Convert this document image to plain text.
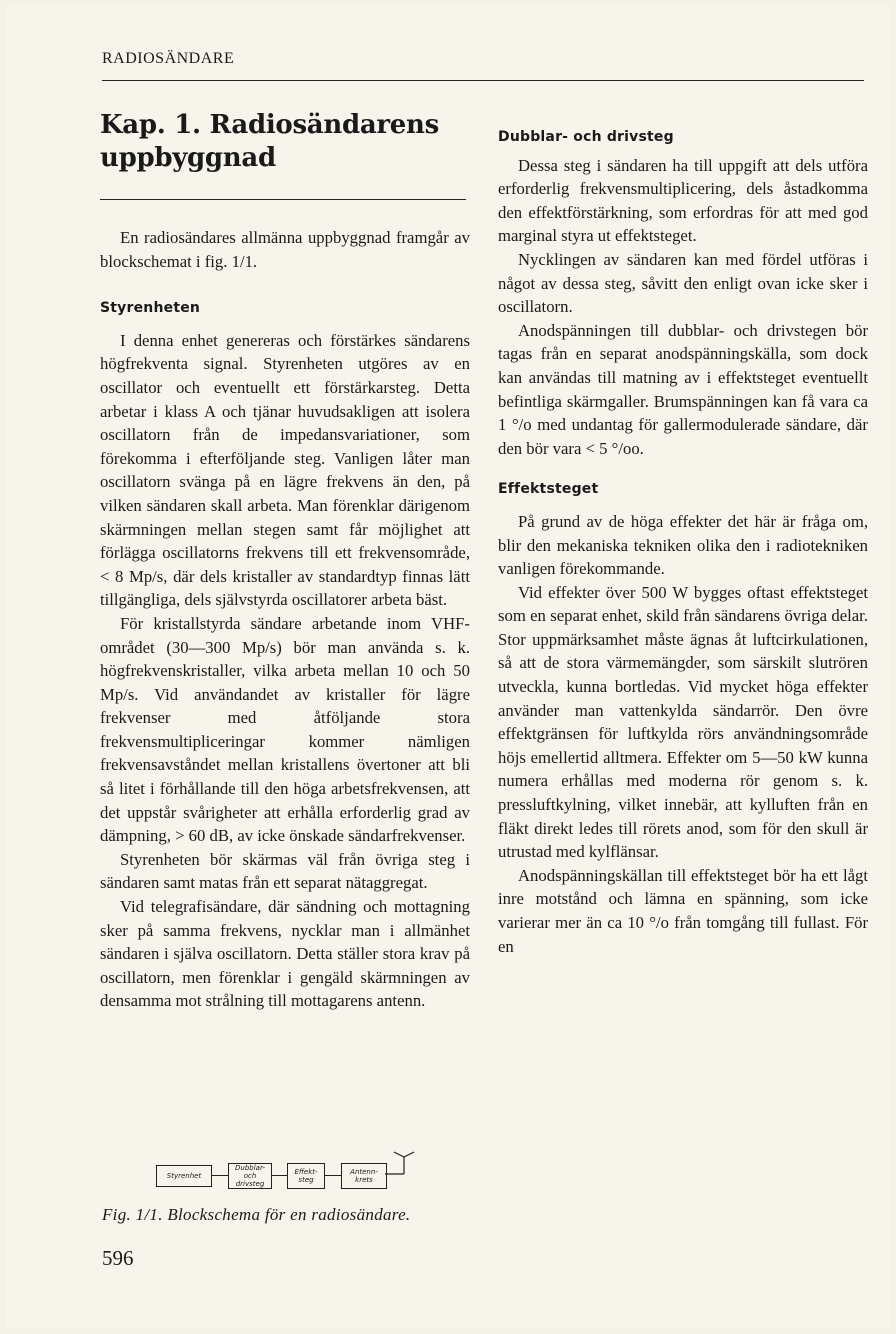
RADIOSÄNDARE
Kap. 1. Radiosändarens
uppbyggnad

En radiosändares allmänna uppbyggnad framgår av blockschemat i fig. 1/1.

Styrenheten

I denna enhet genereras och förstärkes sändarens högfrekventa signal. Styrenheten utgöres av en oscillator och eventuellt ett förstärkarsteg. Detta arbetar i klass A och tjänar huvudsakligen att isolera oscillatorn från de impedansvariationer, som förekomma i efterföljande steg. Vanligen låter man oscillatorn svänga på en lägre frekvens än den, på vilken sändaren skall arbeta. Man förenklar därigenom skärmningen mellan stegen samt får möjlighet att förlägga oscillatorns frekvens till ett frekvensområde, < 8 Mp/s, där dels kristaller av standardtyp finnas lätt tillgängliga, dels självstyrda oscillatorer arbeta bäst.

För kristallstyrda sändare arbetande inom VHF-området (30—300 Mp/s) bör man använda s. k. högfrekvenskristaller, vilka arbeta mellan 10 och 50 Mp/s. Vid användandet av kristaller för lägre frekvenser med åtföljande stora frekvensmultipliceringar kommer nämligen frekvensavståndet mellan kristallens övertoner att bli så litet i förhållande till den höga arbetsfrekvensen, att det uppstår svårigheter att erhålla erforderlig grad av dämpning, > 60 dB, av icke önskade sändarfrekvenser.

Styrenheten bör skärmas väl från övriga steg i sändaren samt matas från ett separat nätaggregat.

Vid telegrafisändare, där sändning och mottagning sker på samma frekvens, nycklar man i allmänhet sändaren i själva oscillatorn. Detta ställer stora krav på oscillatorn, men förenklar i gengäld skärmningen av densamma mot strålning till mottagarens antenn.

Dubblar- och drivsteg

Dessa steg i sändaren ha till uppgift att dels utföra erforderlig frekvensmultiplicering, dels åstadkomma den effektförstärkning, som erfordras för att med god marginal styra ut effektsteget.

Nycklingen av sändaren kan med fördel utföras i något av dessa steg, såvitt den enligt ovan icke sker i oscillatorn.

Anodspänningen till dubblar- och drivstegen bör tagas från en separat anodspänningskälla, som dock kan användas till matning av i effektsteget eventuellt befintliga skärmgaller. Brumspänningen kan få vara ca 1 °/o med undantag för gallermodulerade sändare, där den bör vara < 5 °/oo.

Effektsteget

På grund av de höga effekter det här är fråga om, blir den mekaniska tekniken olika den i radiotekniken vanligen förekommande.

Vid effekter över 500 W bygges oftast effektsteget som en separat enhet, skild från sändarens övriga delar. Stor uppmärksamhet måste ägnas åt luftcirkulationen, så att de stora värmemängder, som särskilt slutrören utveckla, kunna bortledas. Vid mycket höga effekter använder man vattenkylda sändarrör. Den övre effektgränsen för luftkylda rörs användningsområde höjs emellertid alltmera. Effekter om 5—50 kW kunna numera erhållas med moderna rör genom s. k. pressluftkylning, vilket innebär, att kylluften från en fläkt direkt ledes till rörets anod, som för den skull är utrustad med kylflänsar.

Anodspänningskällan till effektsteget bör ha ett lågt inre motstånd och lämna en spänning, som icke varierar mer än ca 10 °/o från tomgång till fullast. För en

Styrenhet
Dubblar-och drivsteg
Effekt-steg
Antenn-krets
Fig. 1/1. Blockschema för en radiosändare.
596
